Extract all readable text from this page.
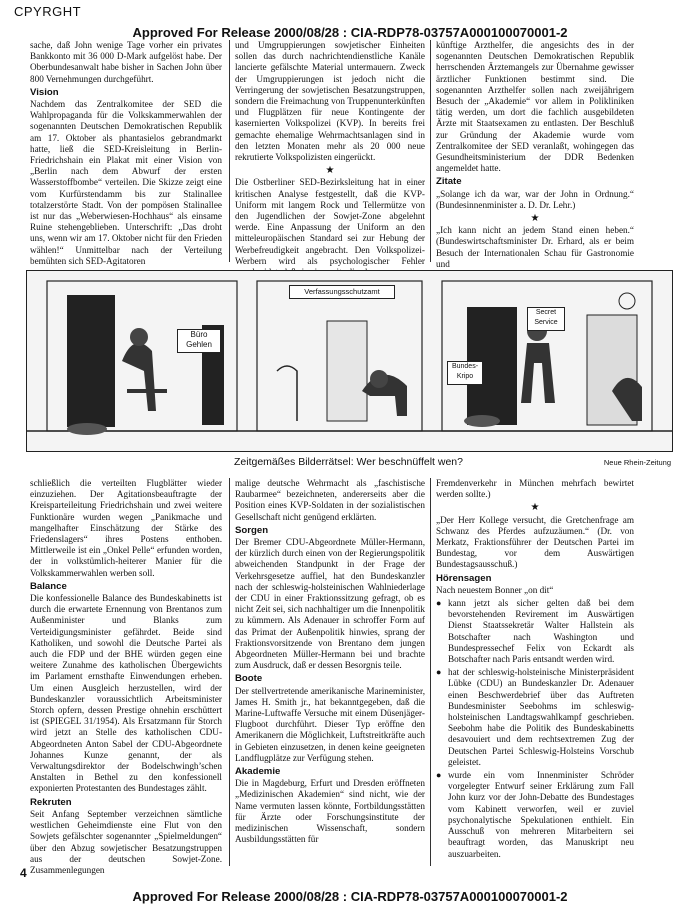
CPYRGHT
Approved For Release 2000/08/28 : CIA-RDP78-03757A000100070001-2

sache, daß John wenige Tage vorher ein privates Bankkonto mit 36 000 D-Mark aufgelöst habe. Der Oberbundesanwalt habe bisher in Sachen John über 800 Vernehmungen durchgeführt.

Vision

Nachdem das Zentralkomitee der SED die Wahlpropaganda für die Volkskammerwahlen der sogenannten Deutschen Demokratischen Republik am 17. Oktober als phantasielos gebrandmarkt hatte, ließ die SED-Kreisleitung in Berlin-Friedrichshain ein Plakat mit einer Vision von „Berlin nach dem Abwurf der ersten Wasserstoffbombe“ verteilen. Die Skizze zeigt eine vom Kurfürstendamm bis zur Stalinallee totalzerstörte Stadt. Von der pompösen Stalinallee ist nur das „Weberwiesen-Hochhaus“ als einsame Ruine stehengeblieben. Unterschrift: „Das droht uns, wenn wir am 17. Oktober nicht für den Frieden wählen!“ Unmittelbar nach der Verteilung bemühten sich SED-Agitatoren

und Umgruppierungen sowjetischer Einheiten sollen das durch nachrichtendienstliche Kanäle lancierte gefälschte Material untermauern. Zweck der Umgruppierungen ist jedoch nicht die Verringerung der sowjetischen Besatzungstruppen, sondern die Freimachung von Truppenunterkünften und Flugplätzen für neue Kontingente der kasernierten Volkspolizei (KVP). In bereits frei gemachte ehemalige Wehrmachtsanlagen sind in den letzten Monaten mehr als 20 000 neue rekrutierte Volkspolizisten eingerückt.

★

Die Ostberliner SED-Bezirksleitung hat in einer kritischen Analyse festgestellt, daß die KVP-Uniform mit langem Rock und Tellermütze von den Jugendlichen der Sowjet-Zone abgelehnt werde. Eine Anpassung der Uniform an den mitteleuropäischen Standard sei zur Hebung der Werbefreudigkeit angebracht. Den Volkspolizei-Werbern wird als psychologischer Fehler

künftige Arzthelfer, die angesichts des in der sogenannten Deutschen Demokratischen Republik herrschenden Ärztemangels zur Übernahme gewisser ärztlicher Funktionen bestimmt sind. Die sogenannten Arzthelfer sollen nach zweijährigem Besuch der „Akademie“ vor allem in Polikliniken tätig werden, um dort die fachlich ausgebildeten Ärzte mit Staatsexamen zu entlasten. Der Beschluß zur Gründung der Akademie wurde vom Zentralkomitee der SED veranlaßt, wohingegen das Gesundheitsministerium der DDR Bedenken angemeldet hatte.

Zitate

„Solange ich da war, war der John in Ordnung.“ (Bundesinnenminister a. D. Dr. Lehr.)

★

„Ich kann nicht an jedem Stand einen heben.“ (Bundeswirtschaftsminister Dr. Erhard, als er beim Besuch der Internationalen Schau für Gastronomie und

Büro Gehlen
Verfassungsschutzamt
Secret Service
Bundes-Kripo
Zeitgemäßes Bilderrätsel: Wer beschnüffelt wen?	Neue Rhein-Zeitung

schließlich die verteilten Flugblätter wieder einzuziehen. Der Agitationsbeauftragte der Kreisparteileitung Friedrichshain und zwei weitere Funktionäre wurden wegen „Panikmache und mangelhafter Einschätzung der Stärke des Friedenslagers“ ihres Postens enthoben. Mittlerweile ist ein „Onkel Pelle“ erfunden worden, der in volkstümlich-heiterer Manier für die Volkskammerwahlen werben soll.

Balance

Die konfessionelle Balance des Bundeskabinetts ist durch die erwartete Ernennung von Brentanos zum Außenminister und Blanks zum Verteidigungsminister gefährdet. Beide sind Katholiken, und sowohl die Deutsche Partei als auch die FDP und der BHE würden gegen eine weitere Zunahme des katholischen Übergewichts im Parlament ernsthafte Einwendungen erheben. Um einen Ausgleich herzustellen, wird der Bundeskanzler voraussichtlich Arbeitsminister Storch opfern, dessen Prestige ohnehin erschüttert ist (SPIEGEL 31/1954). Als Ersatzmann für Storch wird jetzt an Stelle des katholischen CDU-Abgeordneten Anton Sabel der CDU-Abgeordnete Johannes Kunze genannt, der als Verwaltungsdirektor der Bodelschwingh’schen Anstalten in Bethel zu den konfessionell exponierten Protestanten des Bundestages zählt.

Rekruten

Seit Anfang September verzeichnen sämtliche westlichen Geheimdienste eine Flut von den Sowjets gefälschter sogenannter „Spielmeldungen“ über den Abzug sowjetischer Besatzungstruppen aus der deutschen Sowjet-Zone. Zusammenlegungen

malige deutsche Wehrmacht als „faschistische Raubarmee“ bezeichneten, andererseits aber die Position eines KVP-Soldaten in der sozialistischen Gesellschaft nicht genügend erklärten.

Sorgen

Der Bremer CDU-Abgeordnete Müller-Hermann, der kürzlich durch einen von der Regierungspolitik abweichenden Standpunkt in der Frage der Verkehrsgesetze auffiel, hat den Bundeskanzler nach der schleswig-holsteinischen Wahlniederlage der CDU in einer Fraktionssitzung gefragt, ob es nicht Zeit sei, sich nachhaltiger um die Innenpolitik zu kümmern. Als Adenauer in schroffer Form auf das Primat der Außenpolitik hinwies, sprang der Fraktionsvorsitzende von Brentano dem jungen Abgeordneten Müller-Hermann bei und brachte zum Ausdruck, daß er dessen Besorgnis teile.

Boote

Der stellvertretende amerikanische Marineminister, James H. Smith jr., hat bekanntgegeben, daß die Marine-Luftwaffe Versuche mit einem Düsenjäger-Flugboot durchführt. Dieser Typ eröffne den Amerikanern die Möglichkeit, Luftstreitkräfte auch in Gebieten einzusetzen, in denen keine geeigneten Landflugplätze zur Verfügung stehen.

Akademie

Die in Magdeburg, Erfurt und Dresden eröffneten „Medizinischen Akademien“ sind nicht, wie der Name vermuten lassen könnte, Fortbildungsstätten für Ärzte oder Forschungsinstitute der medizinischen Wissenschaft, sondern Ausbildungsstätten für

Fremdenverkehr in München mehrfach bewirtet werden sollte.)

★

„Der Herr Kollege versucht, die Gretchenfrage am Schwanz des Pferdes aufzuzäumen.“ (Dr. von Merkatz, Fraktionsführer der Deutschen Partei im Bundestag, vor dem Auswärtigen Bundestagsausschuß.)

Hörensagen

Nach neuestem Bonner „on dit“

● kann jetzt als sicher gelten daß bei dem bevorstehenden Revirement im Auswärtigen Dienst Staatssekretär Walter Hallstein als Botschafter nach Washington und Bundespressechef Felix von Eckardt als Botschafter nach Paris entsandt werden wird.
● hat der schleswig-holsteinische Ministerpräsident Lübke (CDU) an Bundeskanzler Dr. Adenauer einen Beschwerdebrief über das Auftreten Bundesminister Seebohms im schleswig-holsteinischen Landtagswahlkampf geschrieben. Seebohm habe die Politik des Bundeskabinetts desavouiert und dem rechtsextremen Zug der Deutschen Partei Schleswig-Holsteins Vorschub geleistet.
● wurde ein vom Innenminister Schröder vorgelegter Entwurf seiner Erklärung zum Fall John kurz vor der John-Debatte des Bundestages vom Kabinett verworfen, weil er zuviel psychonalytische Spekulationen enthielt. Ein Ausschuß von mehreren Mitarbeitern sei beauftragt worden, das Manuskript neu auszuarbeiten.
4
Approved For Release 2000/08/28 : CIA-RDP78-03757A000100070001-2
